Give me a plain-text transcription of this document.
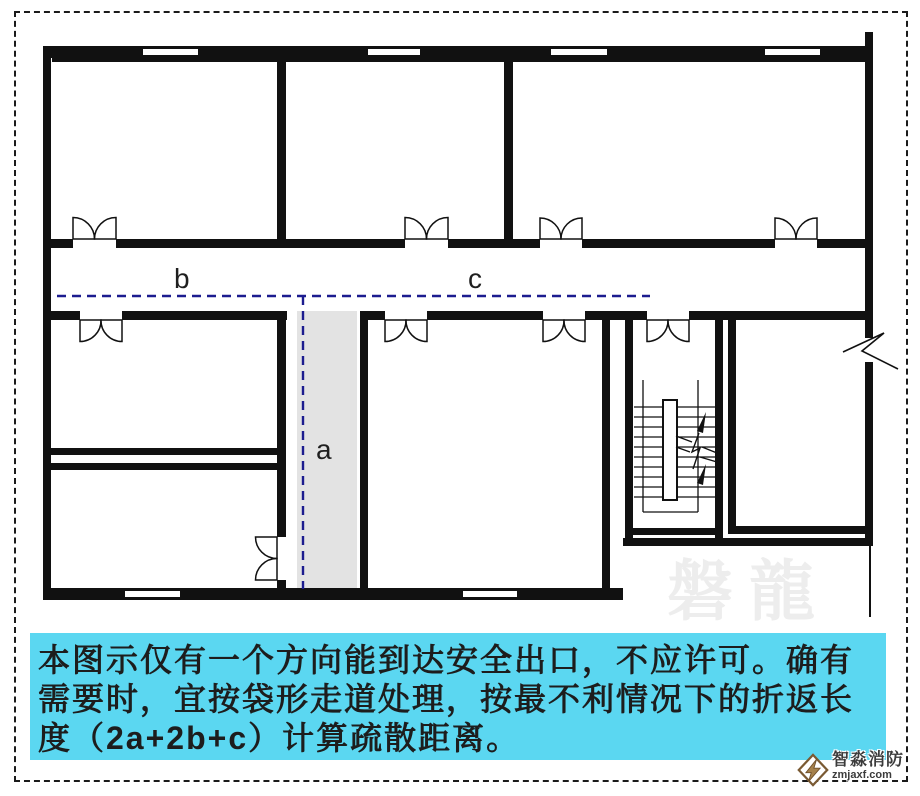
磐龍
b	c
a
本图示仅有一个方向能到达安全出口，不应许可。确有
需要时，宜按袋形走道处理，按最不利情况下的折返长
度（2a+2b+c）计算疏散距离。
智淼消防
zmjaxf.com
